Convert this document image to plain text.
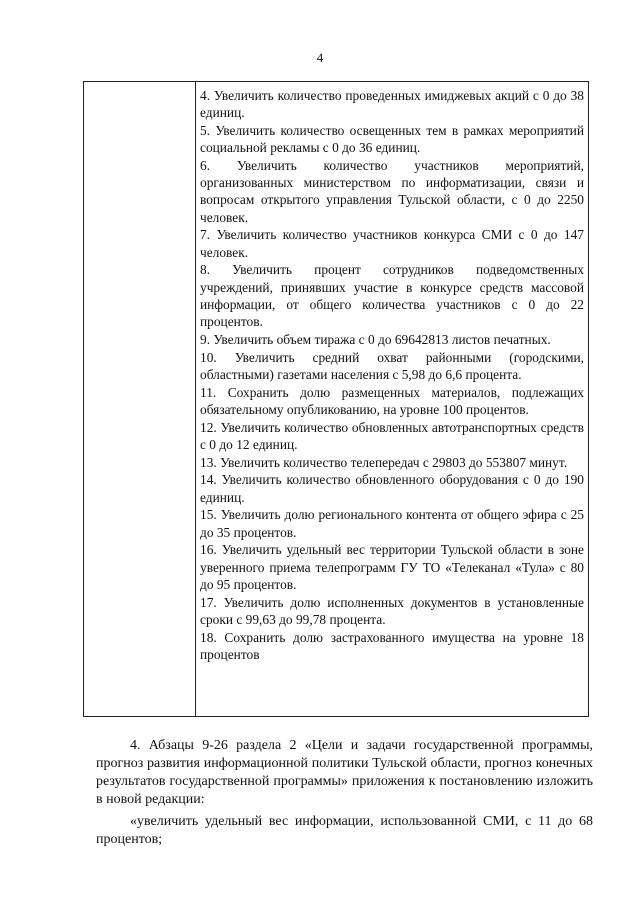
4

4. Увеличить количество проведенных имиджевых акций с 0 до 38 единиц.

5. Увеличить количество освещенных тем в рамках мероприятий социальной рекламы с 0 до 36 единиц.

6. Увеличить количество участников мероприятий, организованных министерством по информатизации, связи и вопросам открытого управления Тульской области, с 0 до 2250 человек.

7. Увеличить количество участников конкурса СМИ с 0 до 147 человек.

8. Увеличить процент сотрудников подведомственных учреждений, принявших участие в конкурсе средств массовой информации, от общего количества участников с 0 до 22 процентов.

9. Увеличить объем тиража с 0 до 69642813 листов печатных.

10. Увеличить средний охват районными (городскими, областными) газетами населения с 5,98 до 6,6 процента.

11. Сохранить долю размещенных материалов, подлежащих обязательному опубликованию, на уровне 100 процентов.

12. Увеличить количество обновленных автотранспортных средств с 0 до 12 единиц.

13. Увеличить количество телепередач с 29803 до 553807 минут.

14. Увеличить количество обновленного оборудования с 0 до 190 единиц.

15. Увеличить долю регионального контента от общего эфира с 25 до 35 процентов.

16. Увеличить удельный вес территории Тульской области в зоне уверенного приема телепрограмм ГУ ТО «Телеканал «Тула» с 80 до 95 процентов.

17. Увеличить долю исполненных документов в установленные сроки с 99,63 до 99,78 процента.

18. Сохранить долю застрахованного имущества на уровне 18 процентов

4. Абзацы 9-26 раздела 2 «Цели и задачи государственной программы, прогноз развития информационной политики Тульской области, прогноз конечных результатов государственной программы» приложения к постановлению изложить в новой редакции:

«увеличить удельный вес информации, использованной СМИ, с 11 до 68 процентов;
